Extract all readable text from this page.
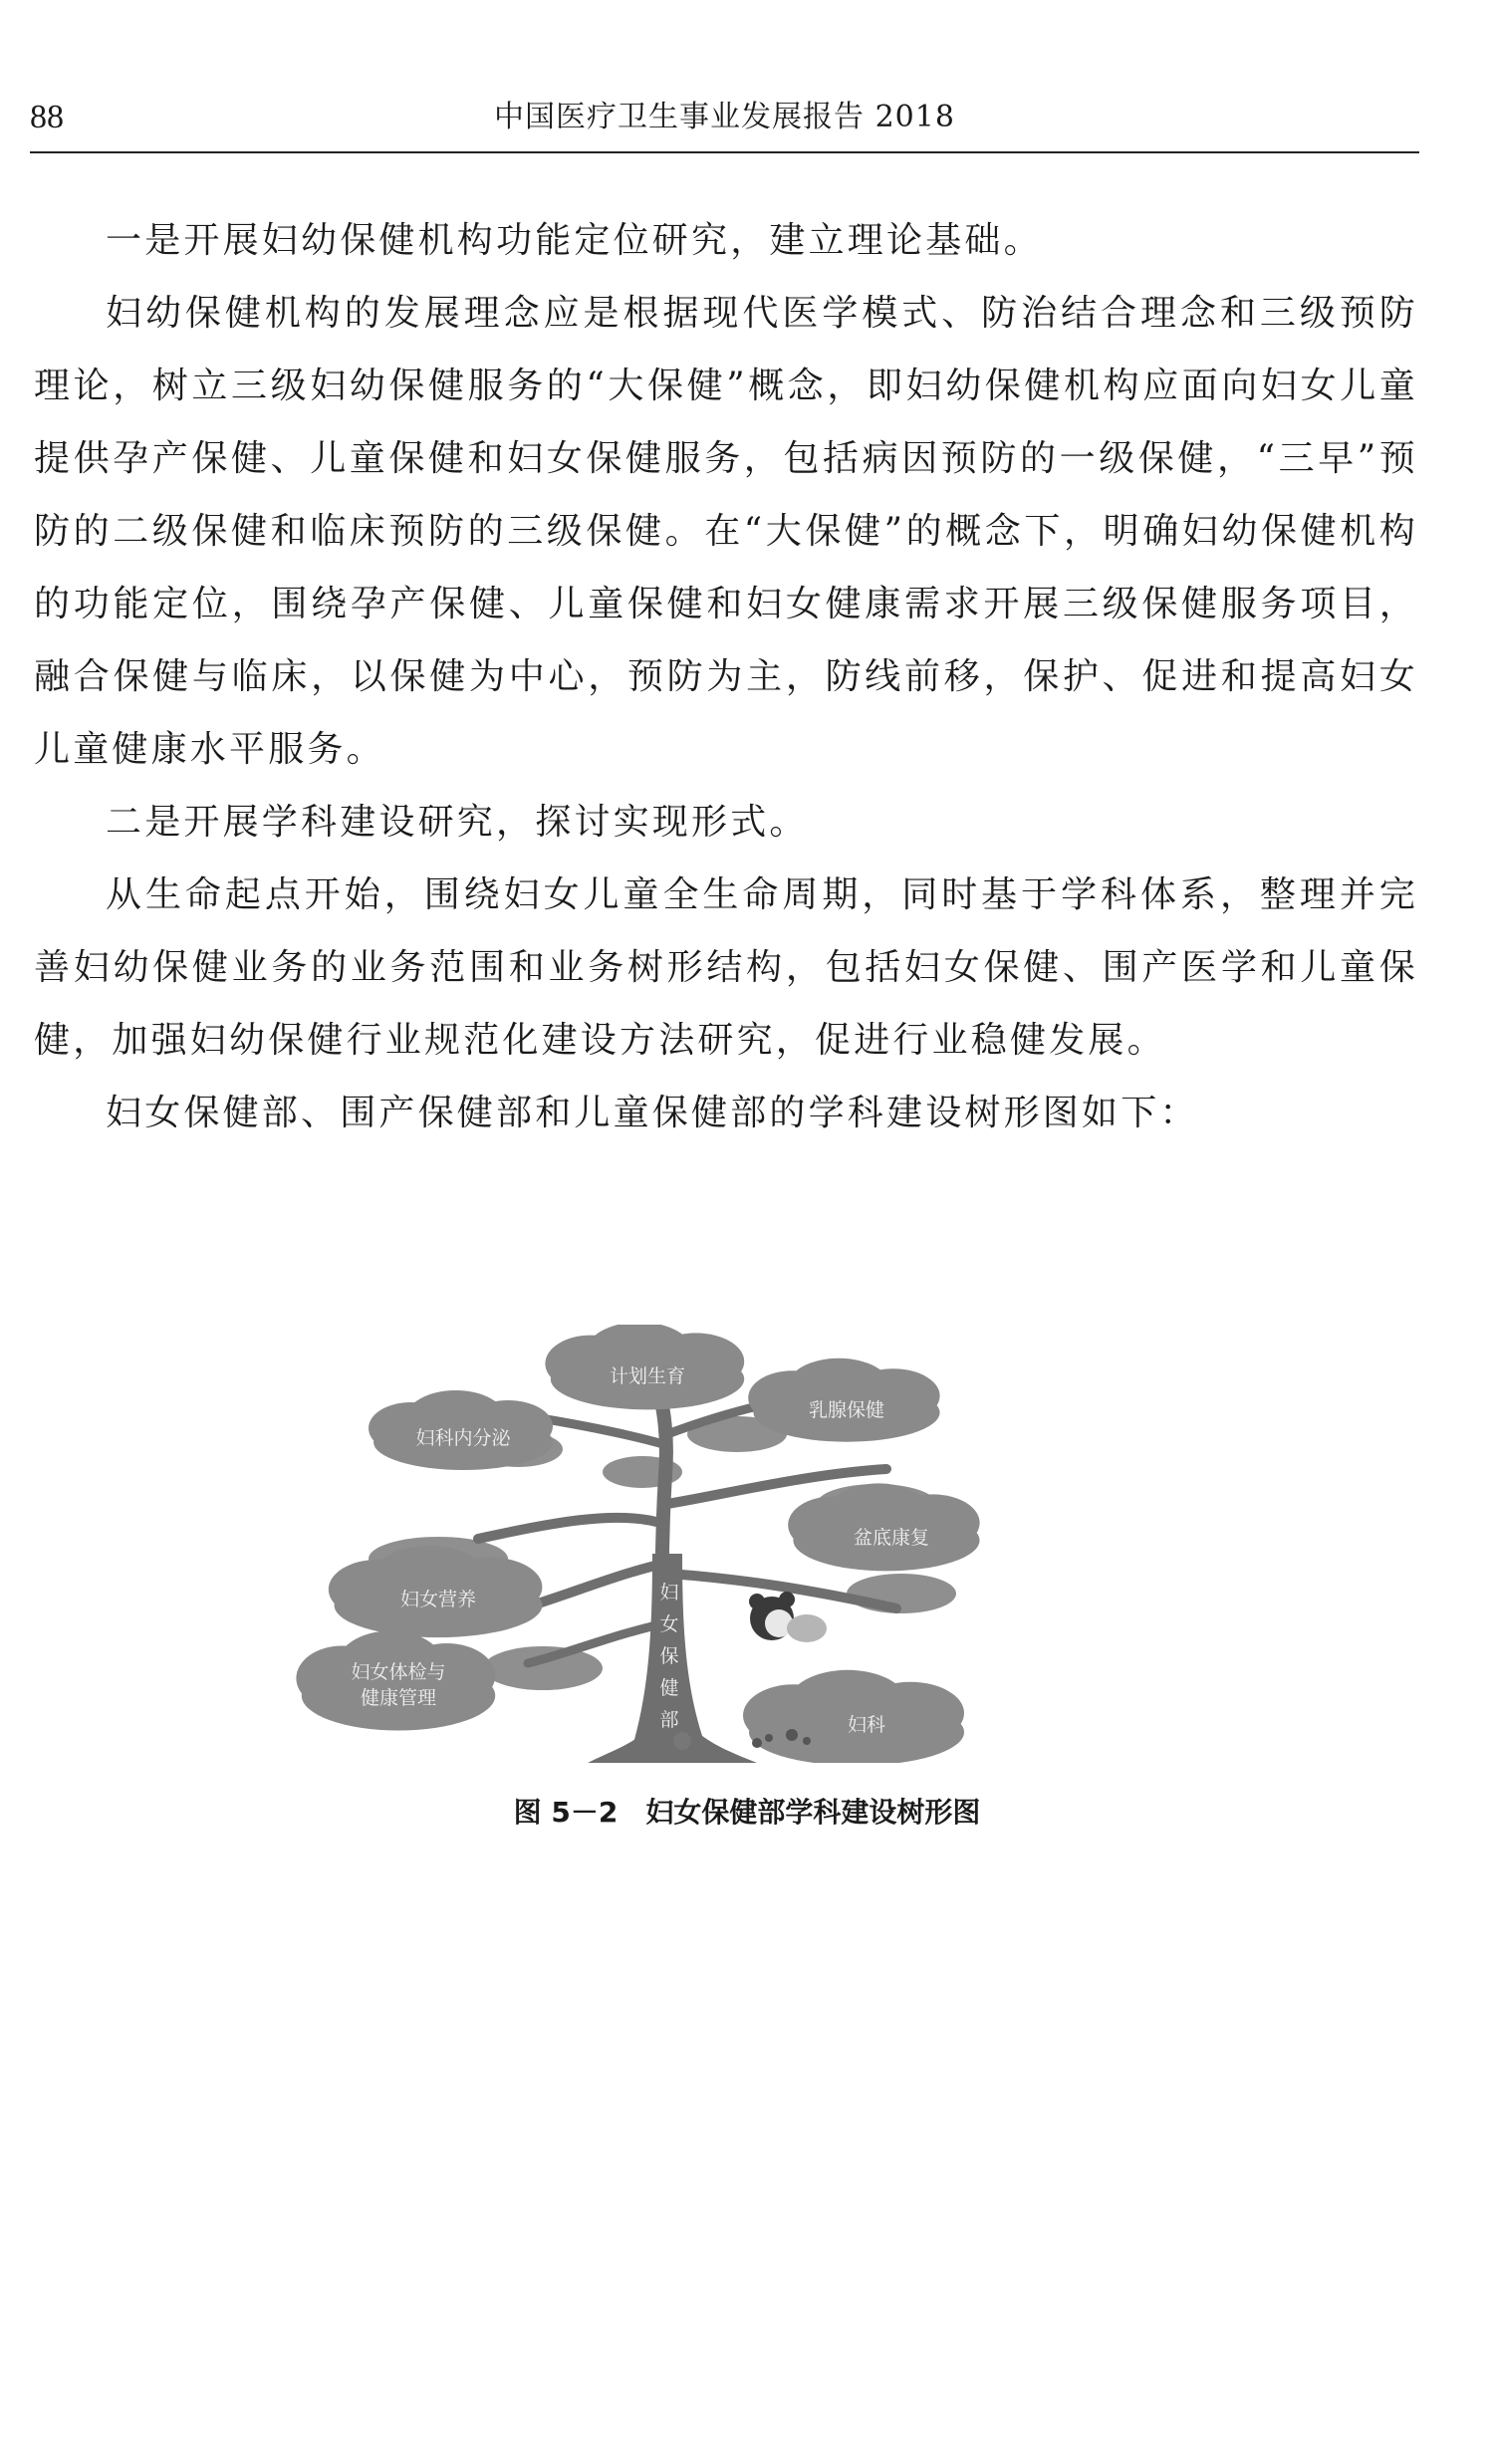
88	中国医疗卫生事业发展报告 2018

一是开展妇幼保健机构功能定位研究，建立理论基础。

妇幼保健机构的发展理念应是根据现代医学模式、防治结合理念和三级预防理论，树立三级妇幼保健服务的“大保健”概念，即妇幼保健机构应面向妇女儿童提供孕产保健、儿童保健和妇女保健服务，包括病因预防的一级保健，“三早”预防的二级保健和临床预防的三级保健。在“大保健”的概念下，明确妇幼保健机构的功能定位，围绕孕产保健、儿童保健和妇女健康需求开展三级保健服务项目，融合保健与临床，以保健为中心，预防为主，防线前移，保护、促进和提高妇女儿童健康水平服务。

二是开展学科建设研究，探讨实现形式。

从生命起点开始，围绕妇女儿童全生命周期，同时基于学科体系，整理并完善妇幼保健业务的业务范围和业务树形结构，包括妇女保健、围产医学和儿童保健，加强妇幼保健行业规范化建设方法研究，促进行业稳健发展。

妇女保健部、围产保健部和儿童保健部的学科建设树形图如下：

计划生育
乳腺保健
妇科内分泌
盆底康复
妇女营养
妇科
妇女体检与
健康管理
妇
女
保
健
部
图 5－2 妇女保健部学科建设树形图
